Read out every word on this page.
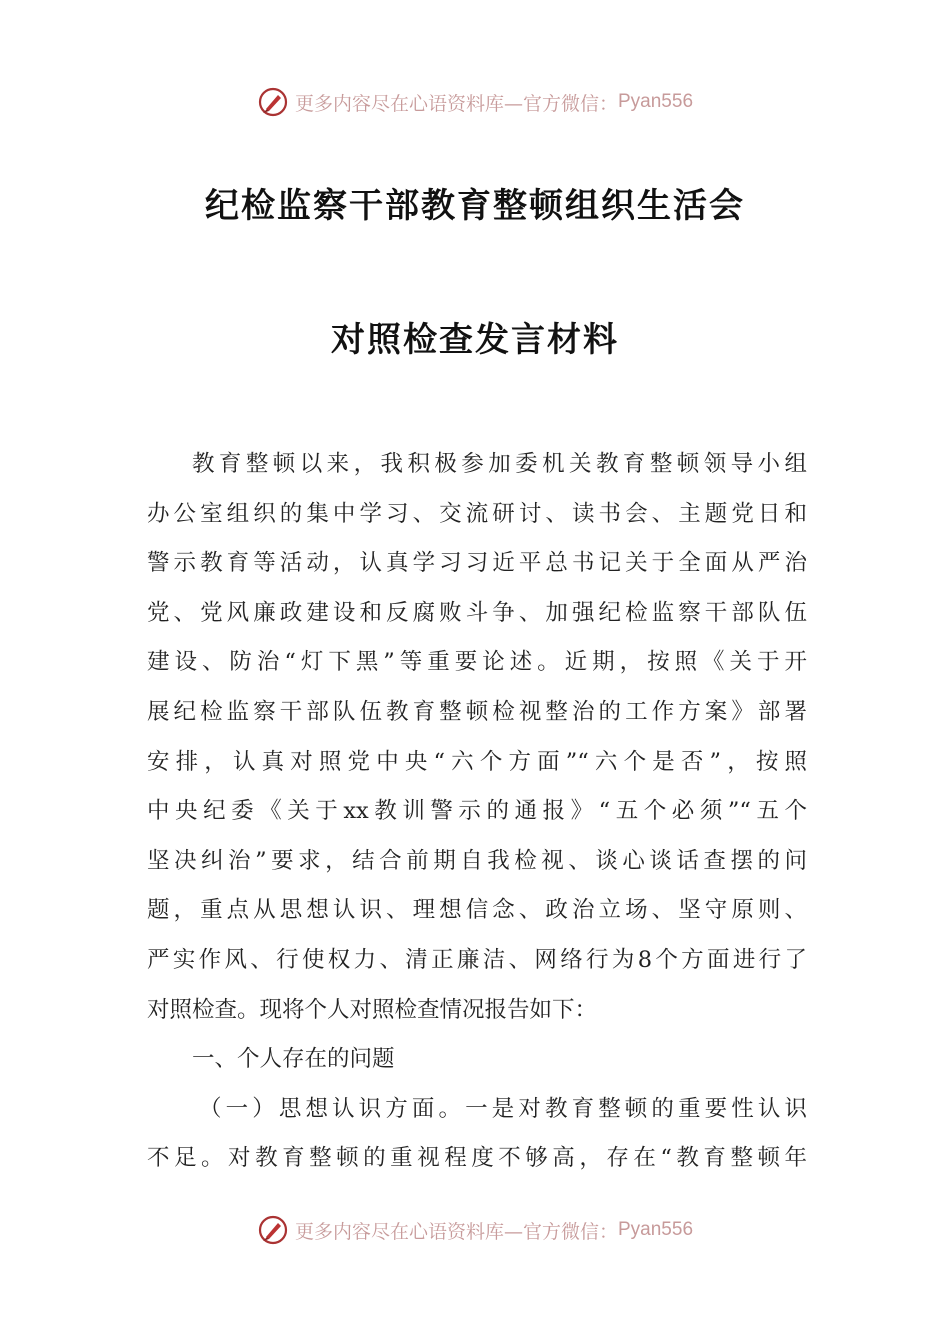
更多内容尽在心语资料库—官方微信： Pyan556
纪检监察干部教育整顿组织生活会
对照检查发言材料
教育整顿以来，我积极参加委机关教育整顿领导小组
办公室组织的集中学习、交流研讨、读书会、主题党日和
警示教育等活动，认真学习习近平总书记关于全面从严治
党、党风廉政建设和反腐败斗争、加强纪检监察干部队伍
建设、防治“灯下黑”等重要论述。近期，按照《关于开
展纪检监察干部队伍教育整顿检视整治的工作方案》部署
安排，认真对照党中央“六个方面”“六个是否”，按照
中央纪委《关于xx教训警示的通报》“五个必须”“五个
坚决纠治”要求，结合前期自我检视、谈心谈话查摆的问
题，重点从思想认识、理想信念、政治立场、坚守原则、
严实作风、行使权力、清正廉洁、网络行为8个方面进行了
对照检查。现将个人对照检查情况报告如下：
一、个人存在的问题
（一）思想认识方面。一是对教育整顿的重要性认识
不足。对教育整顿的重视程度不够高，存在“教育整顿年
更多内容尽在心语资料库—官方微信： Pyan556
